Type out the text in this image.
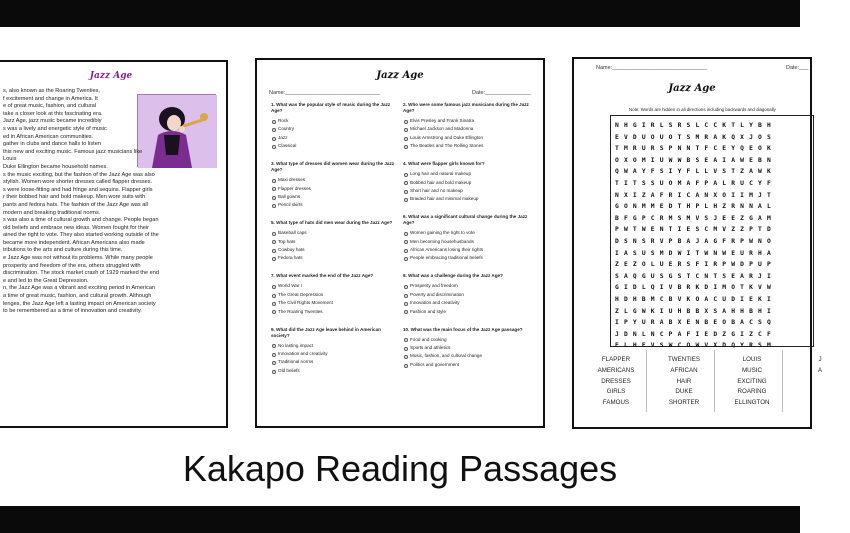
Jazz Age

s, also known as the Roaring Twenties,

f excitement and change in America. It

e of great music, fashion, and cultural

take a closer look at this fascinating era.

Jazz Age, jazz music became incredibly

s was a lively and energetic style of music

ed in African American communities.

gather in clubs and dance halls to listen

this new and exciting music. Famous jazz musicians like Louis

Duke Ellington became household names.

s the music exciting, but the fashion of the Jazz Age was also

stylish. Women wore shorter dresses called flapper dresses.

s were loose-fitting and had fringe and sequins. Flapper girls

r their bobbed hair and bold makeup. Men wore suits with

pants and fedora hats. The fashion of the Jazz Age was all

modern and breaking traditional norms.

s was also a time of cultural growth and change. People began

old beliefs and embrace new ideas. Women fought for their

ained the right to vote. They also started working outside of the

became more independent. African Americans also made

tributions to the arts and culture during this time.

e Jazz Age was not without its problems. While many people

prosperity and freedom of the era, others struggled with

discrimination. The stock market crash of 1929 marked the end

e and led to the Great Depression.

n, the Jazz Age was a vibrant and exciting period in American

a time of great music, fashion, and cultural growth. Although

lenges, the Jazz Age left a lasting impact on American society

to be remembered as a time of innovation and creativity.

Name:_______________________________	Date:_______________
Jazz Age
1. What was the popular style of music during the Jazz Age?
Rock
Country
Jazz
Classical
3. What type of dresses did women wear during the Jazz Age?
Maxi dresses
Flapper dresses
Ball gowns
Pencil skirts
5. What type of hats did men wear during the Jazz Age?
Baseball caps
Top hats
Cowboy hats
Fedora hats
7. What event marked the end of the Jazz Age?
World War I
The Great Depression
The Civil Rights Movement
The Roaring Twenties
9. What did the Jazz Age leave behind in American society?
No lasting impact
Innovation and creativity
Traditional norms
Old beliefs
2. Who were some famous jazz musicians during the Jazz Age?
Elvis Presley and Frank Sinatra
Michael Jackson and Madonna
Louis Armstrong and Duke Ellington
The Beatles and The Rolling Stones
4. What were flapper girls known for?
Long hair and natural makeup
Bobbed hair and bold makeup
Short hair and no makeup
Braided hair and minimal makeup
6. What was a significant cultural change during the Jazz Age?
Women gaining the right to vote
Men becoming househusbands
African Americans losing their rights
People embracing traditional beliefs
8. What was a challenge during the Jazz Age?
Prosperity and freedom
Poverty and discrimination
Innovation and creativity
Fashion and style
10. What was the main focus of the Jazz Age passage?
Food and cooking
Sports and athletics
Music, fashion, and cultural change
Politics and government
Name:_______________________________	Date:___
Jazz Age
Note: Words are hidden in all directions including backwards and diagonally
NHGIRLSRSLCCKTLYBH
EVDUOUOTSMRAKQXJOS
TMRURSPNNTFCEYQEOK
OXOMIUWWBSEAIAWEBN
QWAYFSIYFLLVSTZAWK
TITSSUOMAFPALRUCYF
NXIZAFRICANXOIIMJT
GONMMEDTHPLHZRNNAL
BFGPCRMSMVSJEEZGAM
PWTWENTIESCMVZZPTD
DSNSRVPBAJAGFRPWNO
IASUSMDWITWNWEURHA
ZEZOLUERSFIRPWDPUP
SAQGUSGSTCNTSEARJI
GIDLQIVBRKDIMOTKVW
HDHBMCBVKOACUDIEKI
ZLGWKIUHBBXSAHHBHI
IPYURABXENBEOBACSQ
JDNLNCPAFIEDZGIZCF
ELHEVSWCOWVXDQYRSM
FLAPPER
AMERICANS
DRESSES
GIRLS
FAMOUS
TWENTIES
AFRICAN
HAIR
DUKE
SHORTER
LOUIS
MUSIC
EXCITING
ROARING
ELLINGTON
J
A
Kakapo Reading Passages
